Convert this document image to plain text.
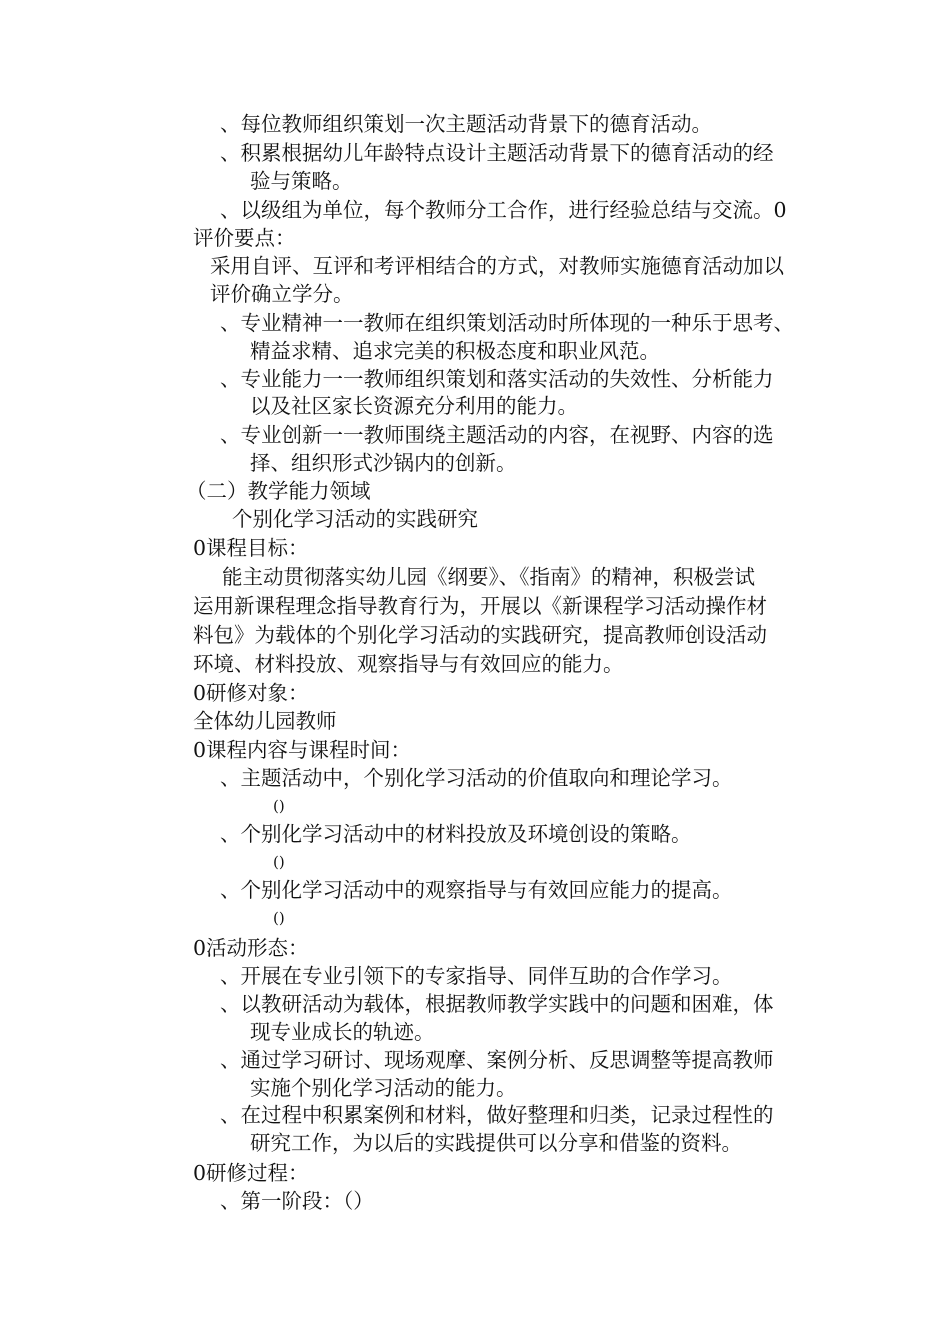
、每位教师组织策划一次主题活动背景下的德育活动。
、积累根据幼儿年龄特点设计主题活动背景下的德育活动的经
验与策略。
、以级组为单位，每个教师分工合作，进行经验总结与交流。0
评价要点：
采用自评、互评和考评相结合的方式，对教师实施德育活动加以
评价确立学分。
、专业精神一一教师在组织策划活动时所体现的一种乐于思考、
精益求精、追求完美的积极态度和职业风范。
、专业能力一一教师组织策划和落实活动的失效性、分析能力
以及社区家长资源充分利用的能力。
、专业创新一一教师围绕主题活动的内容，在视野、内容的选
择、组织形式沙锅内的创新。
（二）教学能力领域
个别化学习活动的实践研究
0课程目标：
能主动贯彻落实幼儿园《纲要》、《指南》的精神，积极尝试
运用新课程理念指导教育行为，开展以《新课程学习活动操作材
料包》为载体的个别化学习活动的实践研究，提高教师创设活动
环境、材料投放、观察指导与有效回应的能力。
0研修对象：
全体幼儿园教师
0课程内容与课程时间：
、主题活动中，个别化学习活动的价值取向和理论学习。
()
、个别化学习活动中的材料投放及环境创设的策略。
()
、个别化学习活动中的观察指导与有效回应能力的提高。
()
0活动形态：
、开展在专业引领下的专家指导、同伴互助的合作学习。
、以教研活动为载体，根据教师教学实践中的问题和困难，体
现专业成长的轨迹。
、通过学习研讨、现场观摩、案例分析、反思调整等提高教师
实施个别化学习活动的能力。
、在过程中积累案例和材料，做好整理和归类，记录过程性的
研究工作，为以后的实践提供可以分享和借鉴的资料。
0研修过程：
、第一阶段：（）
